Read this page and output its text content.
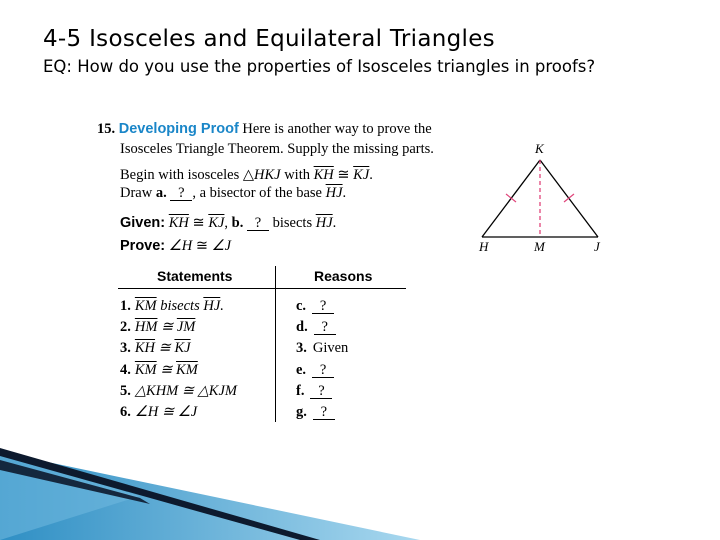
4-5 Isosceles and Equilateral Triangles
EQ: How do you use the properties of Isosceles triangles in proofs?
15. Developing Proof Here is another way to prove the
Isosceles Triangle Theorem. Supply the missing parts.
Begin with isosceles △HKJ with $\overline{KH}$ ≅ $\overline{KJ}$.
Draw a. ? , a bisector of the base $\overline{HJ}$.
Given: $\overline{KH}$ ≅ $\overline{KJ}$, b. ? bisects $\overline{HJ}$.
Prove: ∠H ≅ ∠J
K
H	M	J
Statements	Reasons
1. $\overline{KM}$ bisects $\overline{HJ}$.	c. ?
2. $\overline{HM}$ ≅ $\overline{JM}$	d. ?
3. $\overline{KH}$ ≅ $\overline{KJ}$	3. Given
4. $\overline{KM}$ ≅ $\overline{KM}$	e. ?
5. △KHM ≅ △KJM	f. ?
6. ∠H ≅ ∠J	g. ?
